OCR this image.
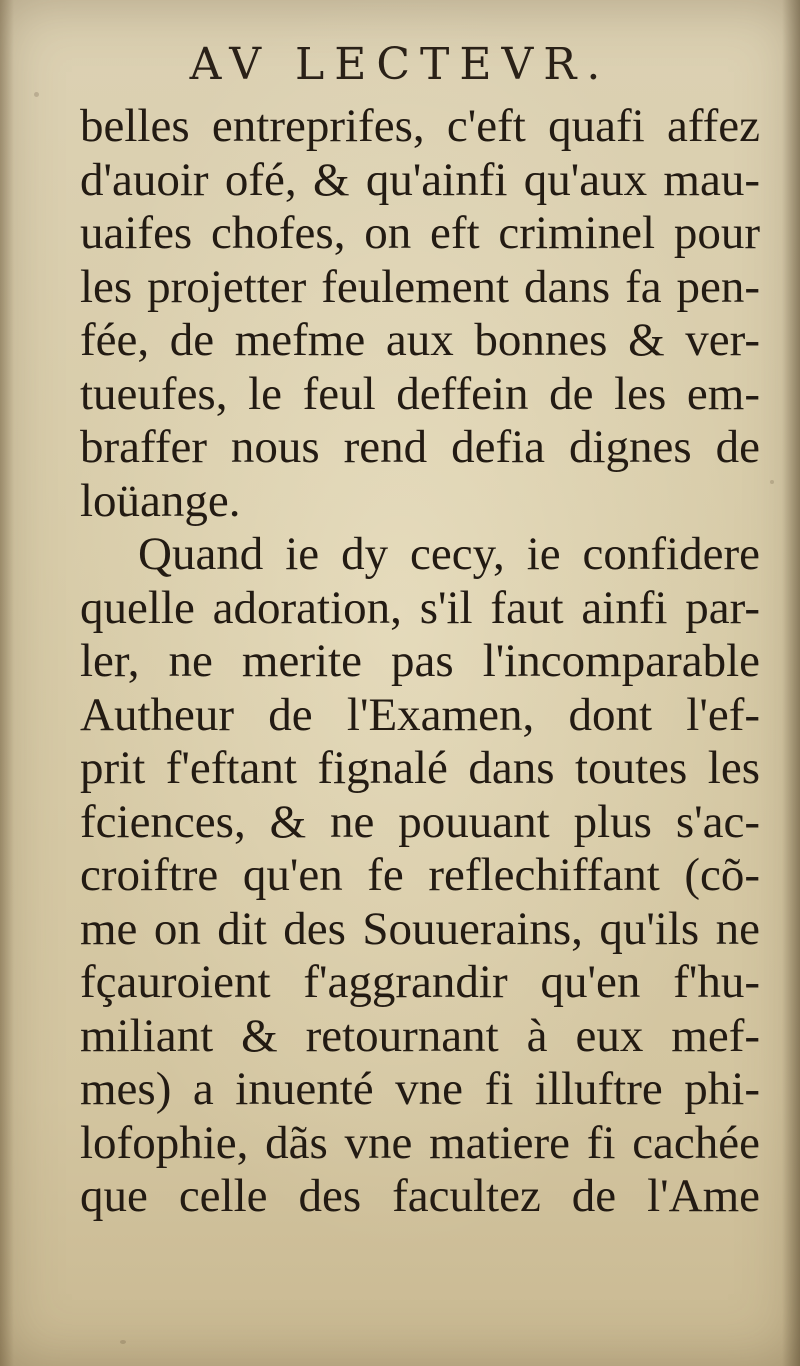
AV LECTEVR.
belles entreprifes, c'eft quafi affez
d'auoir ofé, & qu'ainfi qu'aux mau-
uaifes chofes, on eft criminel pour
les projetter feulement dans fa pen-
fée, de mefme aux bonnes & ver-
tueufes, le feul deffein de les em-
braffer nous rend defia dignes de
loüange.
Quand ie dy cecy, ie confidere
quelle adoration, s'il faut ainfi par-
ler, ne merite pas l'incomparable
Autheur de l'Examen, dont l'ef-
prit f'eftant fignalé dans toutes les
fciences, & ne pouuant plus s'ac-
croiftre qu'en fe reflechiffant (cõ-
me on dit des Souuerains, qu'ils ne
fçauroient f'aggrandir qu'en f'hu-
miliant & retournant à eux mef-
mes) a inuenté vne fi illuftre phi-
lofophie, dãs vne matiere fi cachée
que celle des facultez de l'Ame
